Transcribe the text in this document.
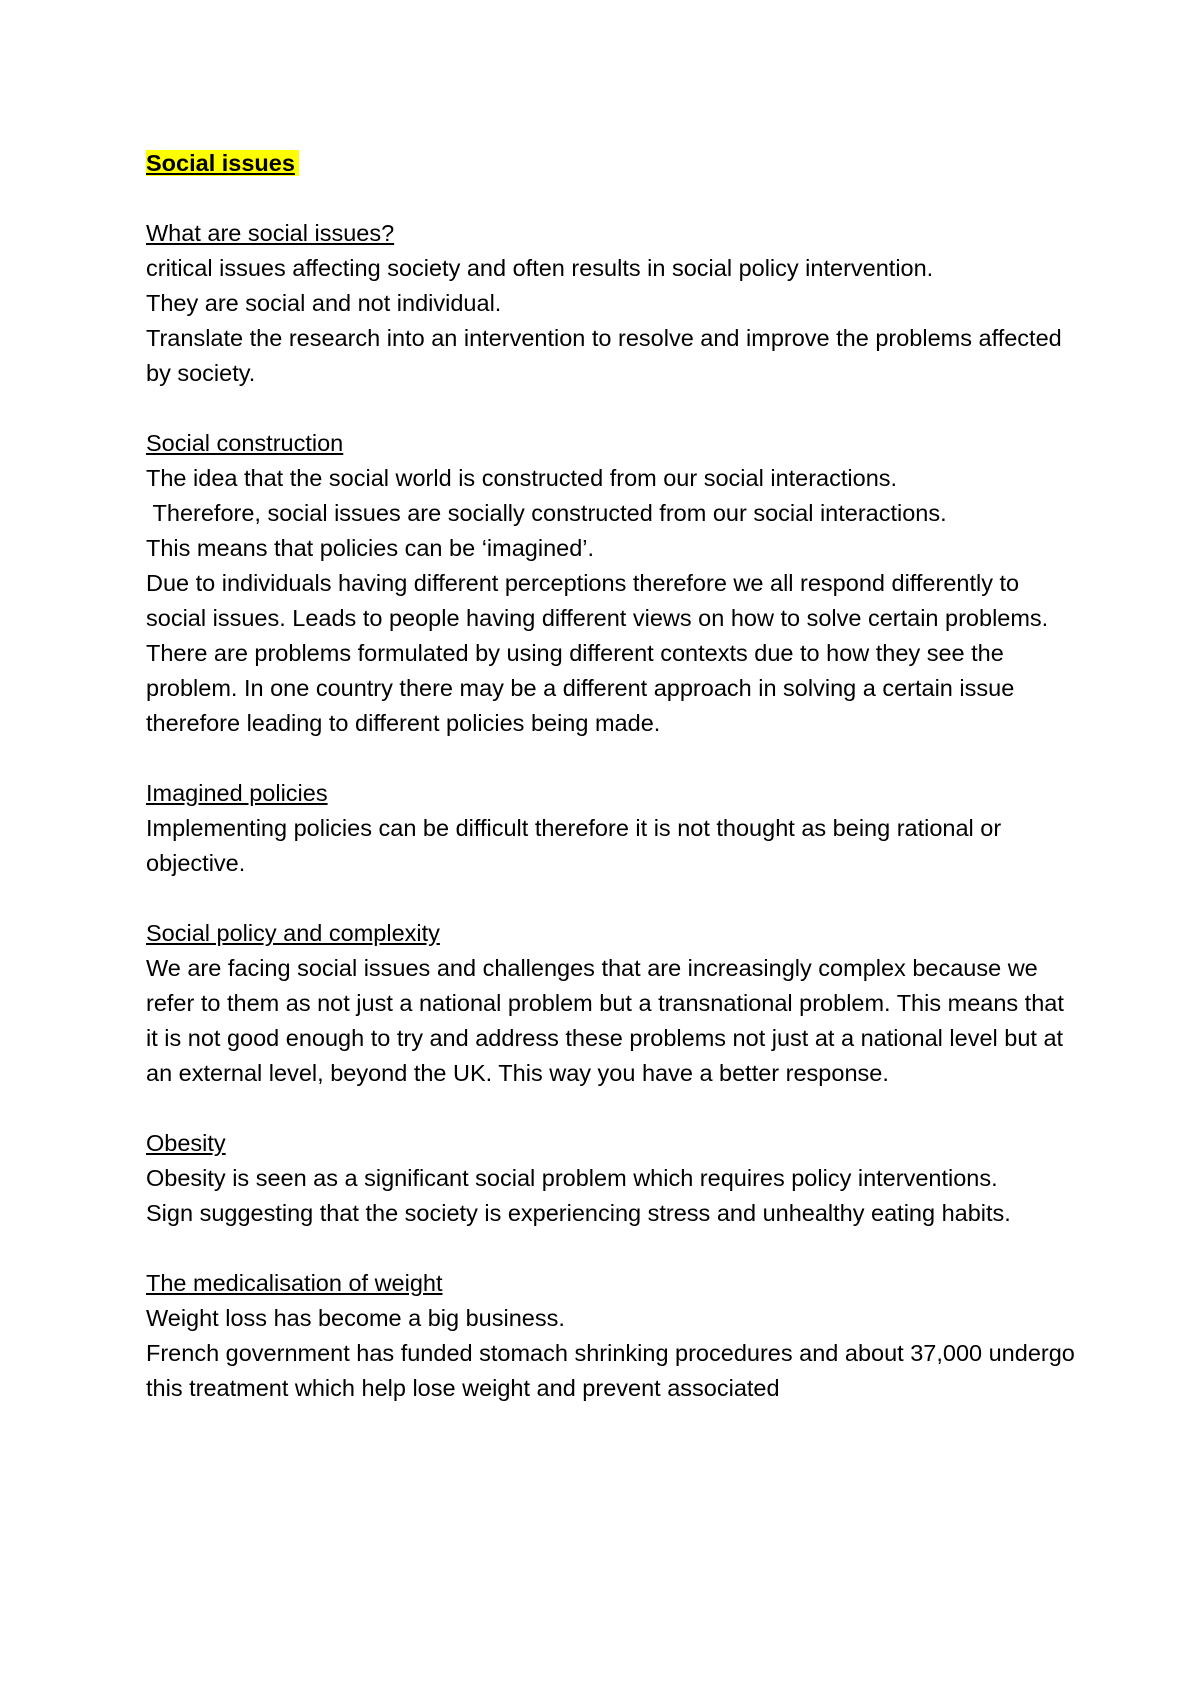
Social issues

What are social issues?
critical issues affecting society and often results in social policy intervention.
They are social and not individual.
Translate the research into an intervention to resolve and improve the problems affected by society.
Social construction
The idea that the social world is constructed from our social interactions.
Therefore, social issues are socially constructed from our social interactions.
This means that policies can be ‘imagined’.
Due to individuals having different perceptions therefore we all respond differently to social issues. Leads to people having different views on how to solve certain problems. There are problems formulated by using different contexts due to how they see the problem. In one country there may be a different approach in solving a certain issue therefore leading to different policies being made.
Imagined policies
Implementing policies can be difficult therefore it is not thought as being rational or objective.
Social policy and complexity
We are facing social issues and challenges that are increasingly complex because we refer to them as not just a national problem but a transnational problem. This means that it is not good enough to try and address these problems not just at a national level but at an external level, beyond the UK. This way you have a better response.
Obesity
Obesity is seen as a significant social problem which requires policy interventions.
Sign suggesting that the society is experiencing stress and unhealthy eating habits.
The medicalisation of weight
Weight loss has become a big business.
French government has funded stomach shrinking procedures and about 37,000 undergo this treatment which help lose weight and prevent associated
